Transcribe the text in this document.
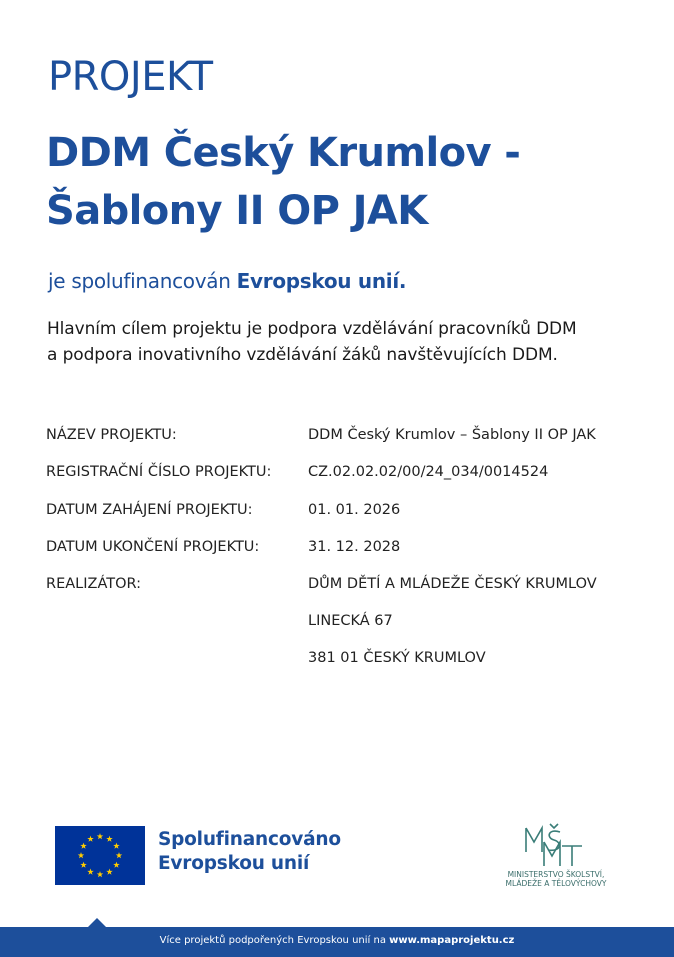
PROJEKT
DDM Český Krumlov -
Šablony II OP JAK
je spolufinancován Evropskou unií.
Hlavním cílem projektu je podpora vzdělávání pracovníků DDM
a podpora inovativního vzdělávání žáků navštěvujících DDM.
NÁZEV PROJEKTU:	DDM Český Krumlov – Šablony II OP JAK
REGISTRAČNÍ ČÍSLO PROJEKTU:	CZ.02.02.02/00/24_034/0014524
DATUM ZAHÁJENÍ PROJEKTU:	01. 01. 2026
DATUM UKONČENÍ PROJEKTU:	31. 12. 2028
REALIZÁTOR:	DŮM DĚTÍ A MLÁDEŽE ČESKÝ KRUMLOV
LINECKÁ 67
381 01 ČESKÝ KRUMLOV
Spolufinancováno
Evropskou unií
MINISTERSTVO ŠKOLSTVÍ,
MLÁDEŽE A TĚLOVÝCHOVY
Více projektů podpořených Evropskou unií na www.mapaprojektu.cz
